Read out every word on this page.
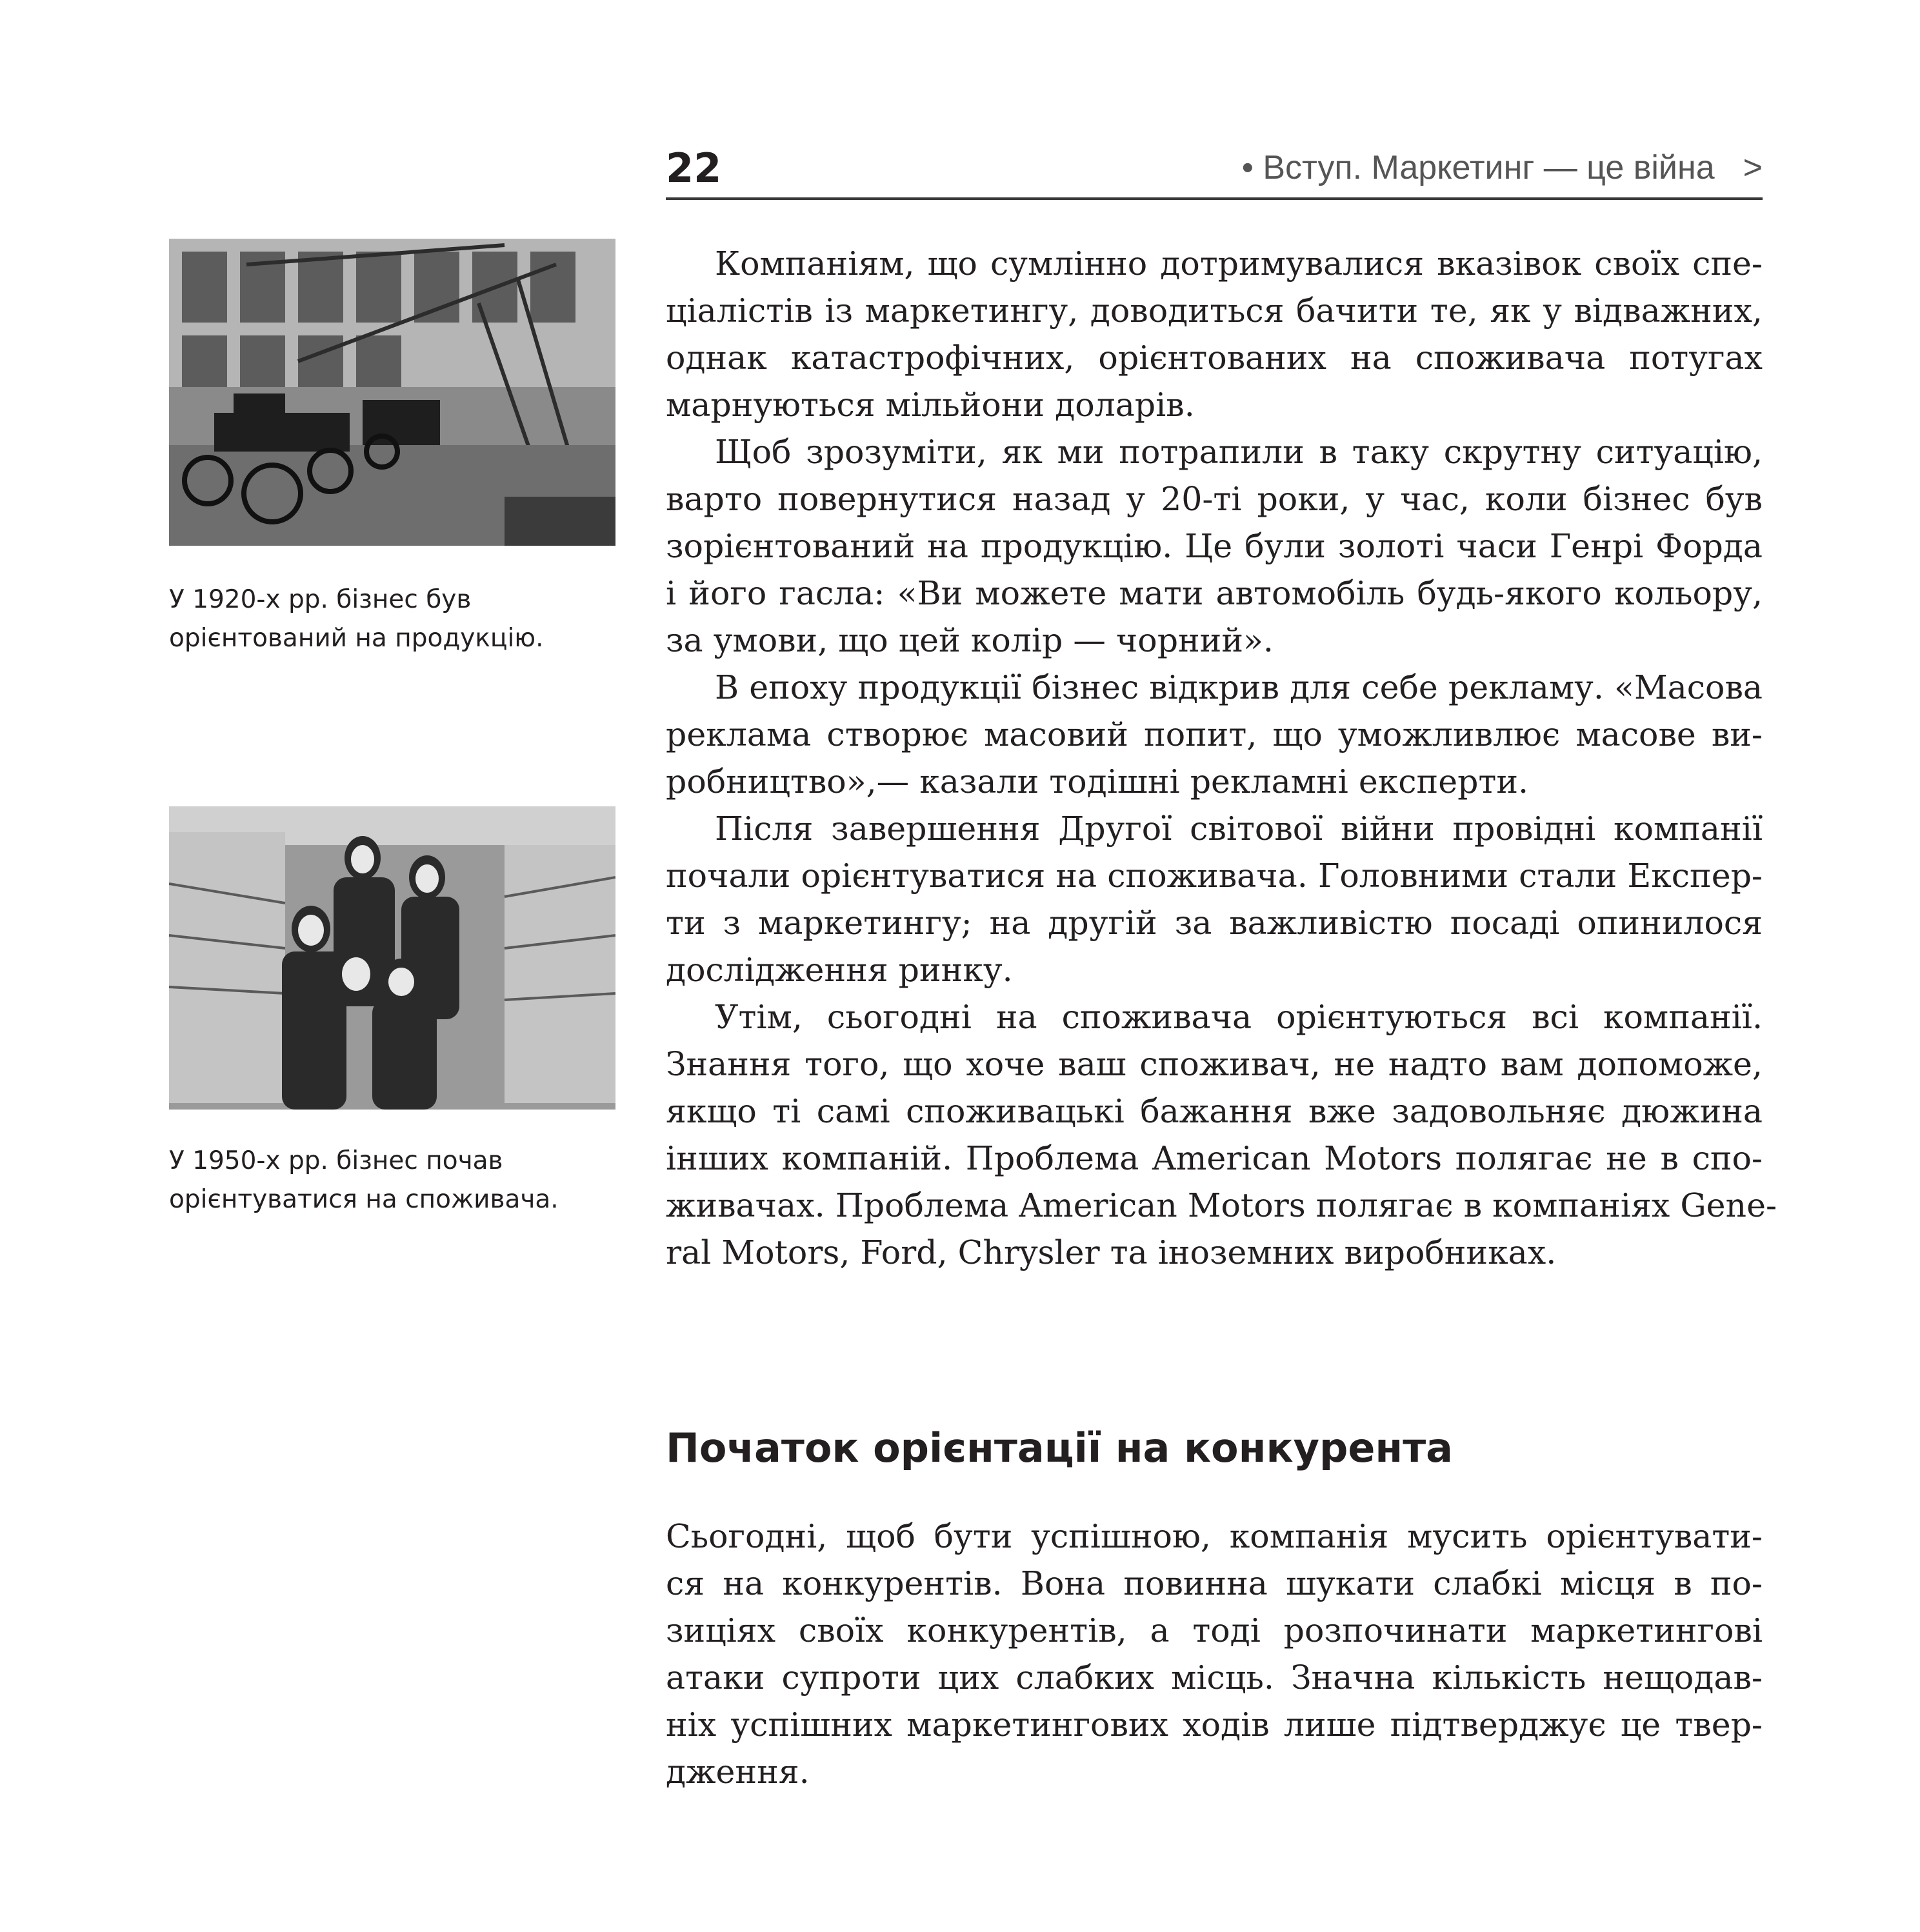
22	• Вступ. Маркетинг — це війна >
У 1920-х рр. бізнес був
орієнтований на продукцію.
У 1950-х рр. бізнес почав
орієнтуватися на споживача.

Компаніям, що сумлінно дотримувалися вказівок своїх спе-
ціалістів із маркетингу, доводиться бачити те, як у відважних,
однак катастрофічних, орієнтованих на споживача потугах
марнуються мільйони доларів.

Щоб зрозуміти, як ми потрапили в таку скрутну ситуацію,
варто повернутися назад у 20-ті роки, у час, коли бізнес був
зорієнтований на продукцію. Це були золоті часи Генрі Форда
і його гасла: «Ви можете мати автомобіль будь-якого кольору,
за умови, що цей колір — чорний».

В епоху продукції бізнес відкрив для себе рекламу. «Масова
реклама створює масовий попит, що уможливлює масове ви-
робництво»,— казали тодішні рекламні експерти.

Після завершення Другої світової війни провідні компанії
почали орієнтуватися на споживача. Головними стали Експер-
ти з маркетингу; на другій за важливістю посаді опинилося
дослідження ринку.

Утім, сьогодні на споживача орієнтуються всі компанії.
Знання того, що хоче ваш споживач, не надто вам допоможе,
якщо ті самі споживацькі бажання вже задовольняє дюжина
інших компаній. Проблема American Motors полягає не в спо-
живачах. Проблема American Motors полягає в компаніях Gene-
ral Motors, Ford, Chrysler та іноземних виробниках.

Початок орієнтації на конкурента

Сьогодні, щоб бути успішною, компанія мусить орієнтувати-
ся на конкурентів. Вона повинна шукати слабкі місця в по-
зиціях своїх конкурентів, а тоді розпочинати маркетингові
атаки супроти цих слабких місць. Значна кількість нещодав-
ніх успішних маркетингових ходів лише підтверджує це твер-
дження.
